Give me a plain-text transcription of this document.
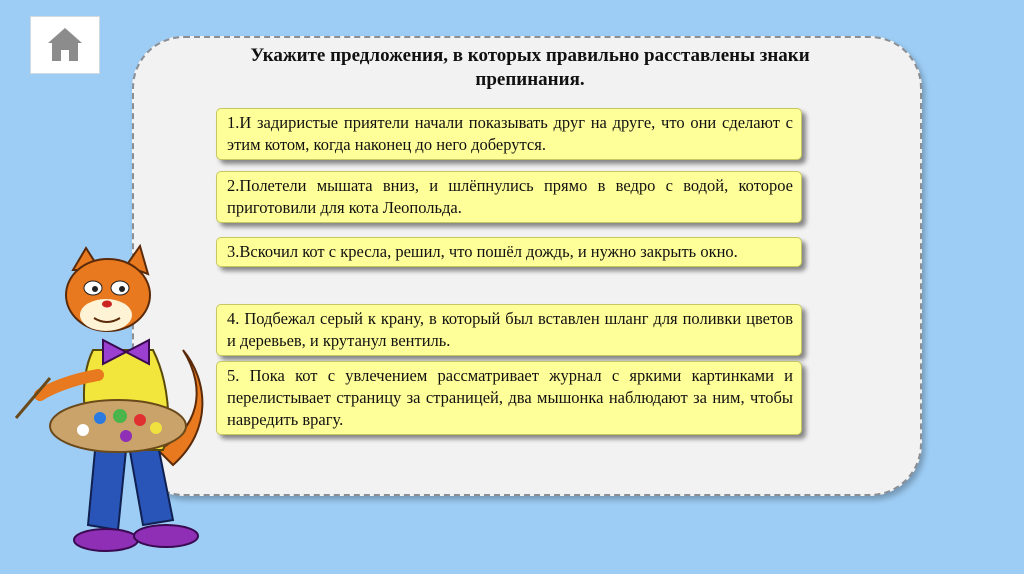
Укажите предложения, в которых правильно расставлены знаки препинания.
1.И задиристые приятели начали показывать друг на друге, что они сделают с этим котом, когда наконец до него доберутся.
2.Полетели мышата вниз, и шлёпнулись прямо в ведро с водой, которое приготовили для кота Леопольда.
3.Вскочил кот с кресла, решил, что пошёл дождь, и нужно закрыть окно.
4. Подбежал серый к крану, в который был вставлен шланг для поливки цветов и деревьев, и крутанул вентиль.
5. Пока кот с увлечением рассматривает журнал с яркими картинками и перелистывает страницу за страницей, два мышонка наблюдают за ним, чтобы навредить врагу.
